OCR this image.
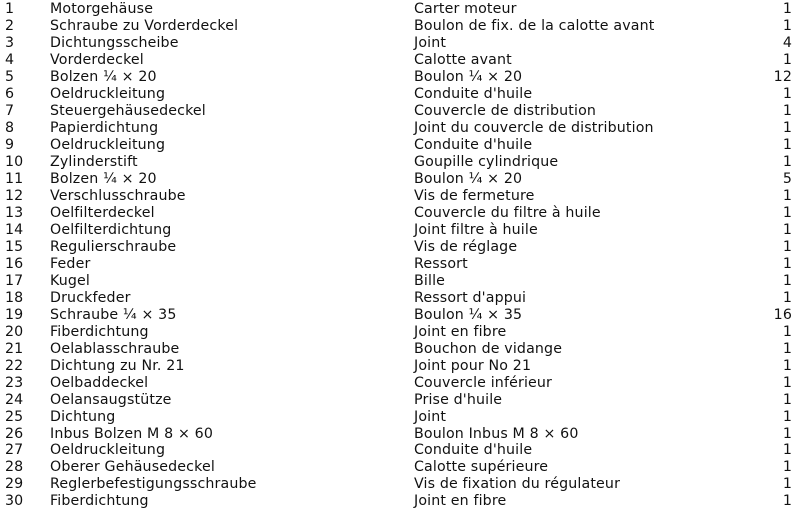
1	Motorgehäuse	Carter moteur	1
2	Schraube zu Vorderdeckel	Boulon de fix. de la calotte avant	1
3	Dichtungsscheibe	Joint	4
4	Vorderdeckel	Calotte avant	1
5	Bolzen ¼ × 20	Boulon ¼ × 20	12
6	Oeldruckleitung	Conduite d'huile	1
7	Steuergehäusedeckel	Couvercle de distribution	1
8	Papierdichtung	Joint du couvercle de distribution	1
9	Oeldruckleitung	Conduite d'huile	1
10	Zylinderstift	Goupille cylindrique	1
11	Bolzen ¼ × 20	Boulon ¼ × 20	5
12	Verschlusschraube	Vis de fermeture	1
13	Oelfilterdeckel	Couvercle du filtre à huile	1
14	Oelfilterdichtung	Joint filtre à huile	1
15	Regulierschraube	Vis de réglage	1
16	Feder	Ressort	1
17	Kugel	Bille	1
18	Druckfeder	Ressort d'appui	1
19	Schraube ¼ × 35	Boulon ¼ × 35	16
20	Fiberdichtung	Joint en fibre	1
21	Oelablasschraube	Bouchon de vidange	1
22	Dichtung zu Nr. 21	Joint pour No 21	1
23	Oelbaddeckel	Couvercle inférieur	1
24	Oelansaugstütze	Prise d'huile	1
25	Dichtung	Joint	1
26	Inbus Bolzen M 8 × 60	Boulon Inbus M 8 × 60	1
27	Oeldruckleitung	Conduite d'huile	1
28	Oberer Gehäusedeckel	Calotte supérieure	1
29	Reglerbefestigungsschraube	Vis de fixation du régulateur	1
30	Fiberdichtung	Joint en fibre	1
